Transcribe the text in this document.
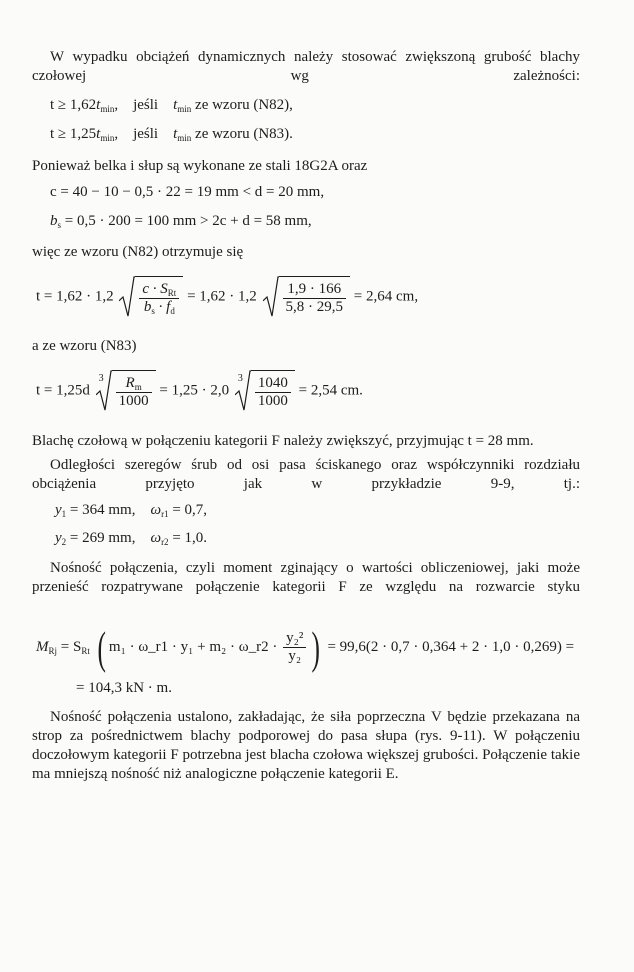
W wypadku obciążeń dynamicznych należy stosować zwiększoną grubość blachy czołowej wg zależności:
$t \ge 1,62t_{min}$, jeśli $t_{min}$ ze wzoru (N82),
$t \ge 1,25t_{min}$, jeśli $t_{min}$ ze wzoru (N83).
Ponieważ belka i słup są wykonane ze stali 18G2A oraz
c = 40 − 10 − 0,5 · 22 = 19 mm < d = 20 mm,
$b_s = 0,5 \cdot 200 = 100$ mm > 2c + d = 58 mm,
więc ze wzoru (N82) otrzymuje się
$t = 1,62 \cdot 1,2 \frac{c \cdot S_{Rt}}{b_s \cdot f_d} = 1,62 \cdot 1,2 \frac{1,9 \cdot 166}{5,8 \cdot 29,5} = 2,64$ cm,
a ze wzoru (N83)
t = 1,25d
$3 \frac{R_m}{1000} = 1,25 \cdot 2,0$
$3 \frac{1040}{1000} = 2,54$ cm.
Blachę czołową w połączeniu kategorii F należy zwiększyć, przyjmując t = 28 mm.
Odległości szeregów śrub od osi pasa ściskanego oraz współczynniki rozdziału obciążenia przyjęto jak w przykładzie 9-9, tj.:
$y_1 = 364$ mm, $\omega_{r1} = 0,7$,
$y_2 = 269$ mm, $\omega_{r2} = 1,0$.
Nośność połączenia, czyli moment zginający o wartości obliczeniowej, jaki może przenieść rozpatrywane połączenie kategorii F ze względu na rozwarcie styku
$M_{Rj} = S_{Rt}$ ( m₁ · ω_r1 · y₁ + m₂ · ω_r2 · $\frac{\text{y₂²}}{\text{y₂}}$ ) = 99,6(2 · 0,7 · 0,364 + 2 · 1,0 · 0,269) =
= 104,3 kN · m.
Nośność połączenia ustalono, zakładając, że siła poprzeczna V będzie przekazana na strop za pośrednictwem blachy podporowej do pasa słupa (rys. 9-11). W połączeniu doczołowym kategorii F potrzebna jest blacha czołowa większej grubości. Połączenie takie ma mniejszą nośność niż analogiczne połączenie kategorii E.
